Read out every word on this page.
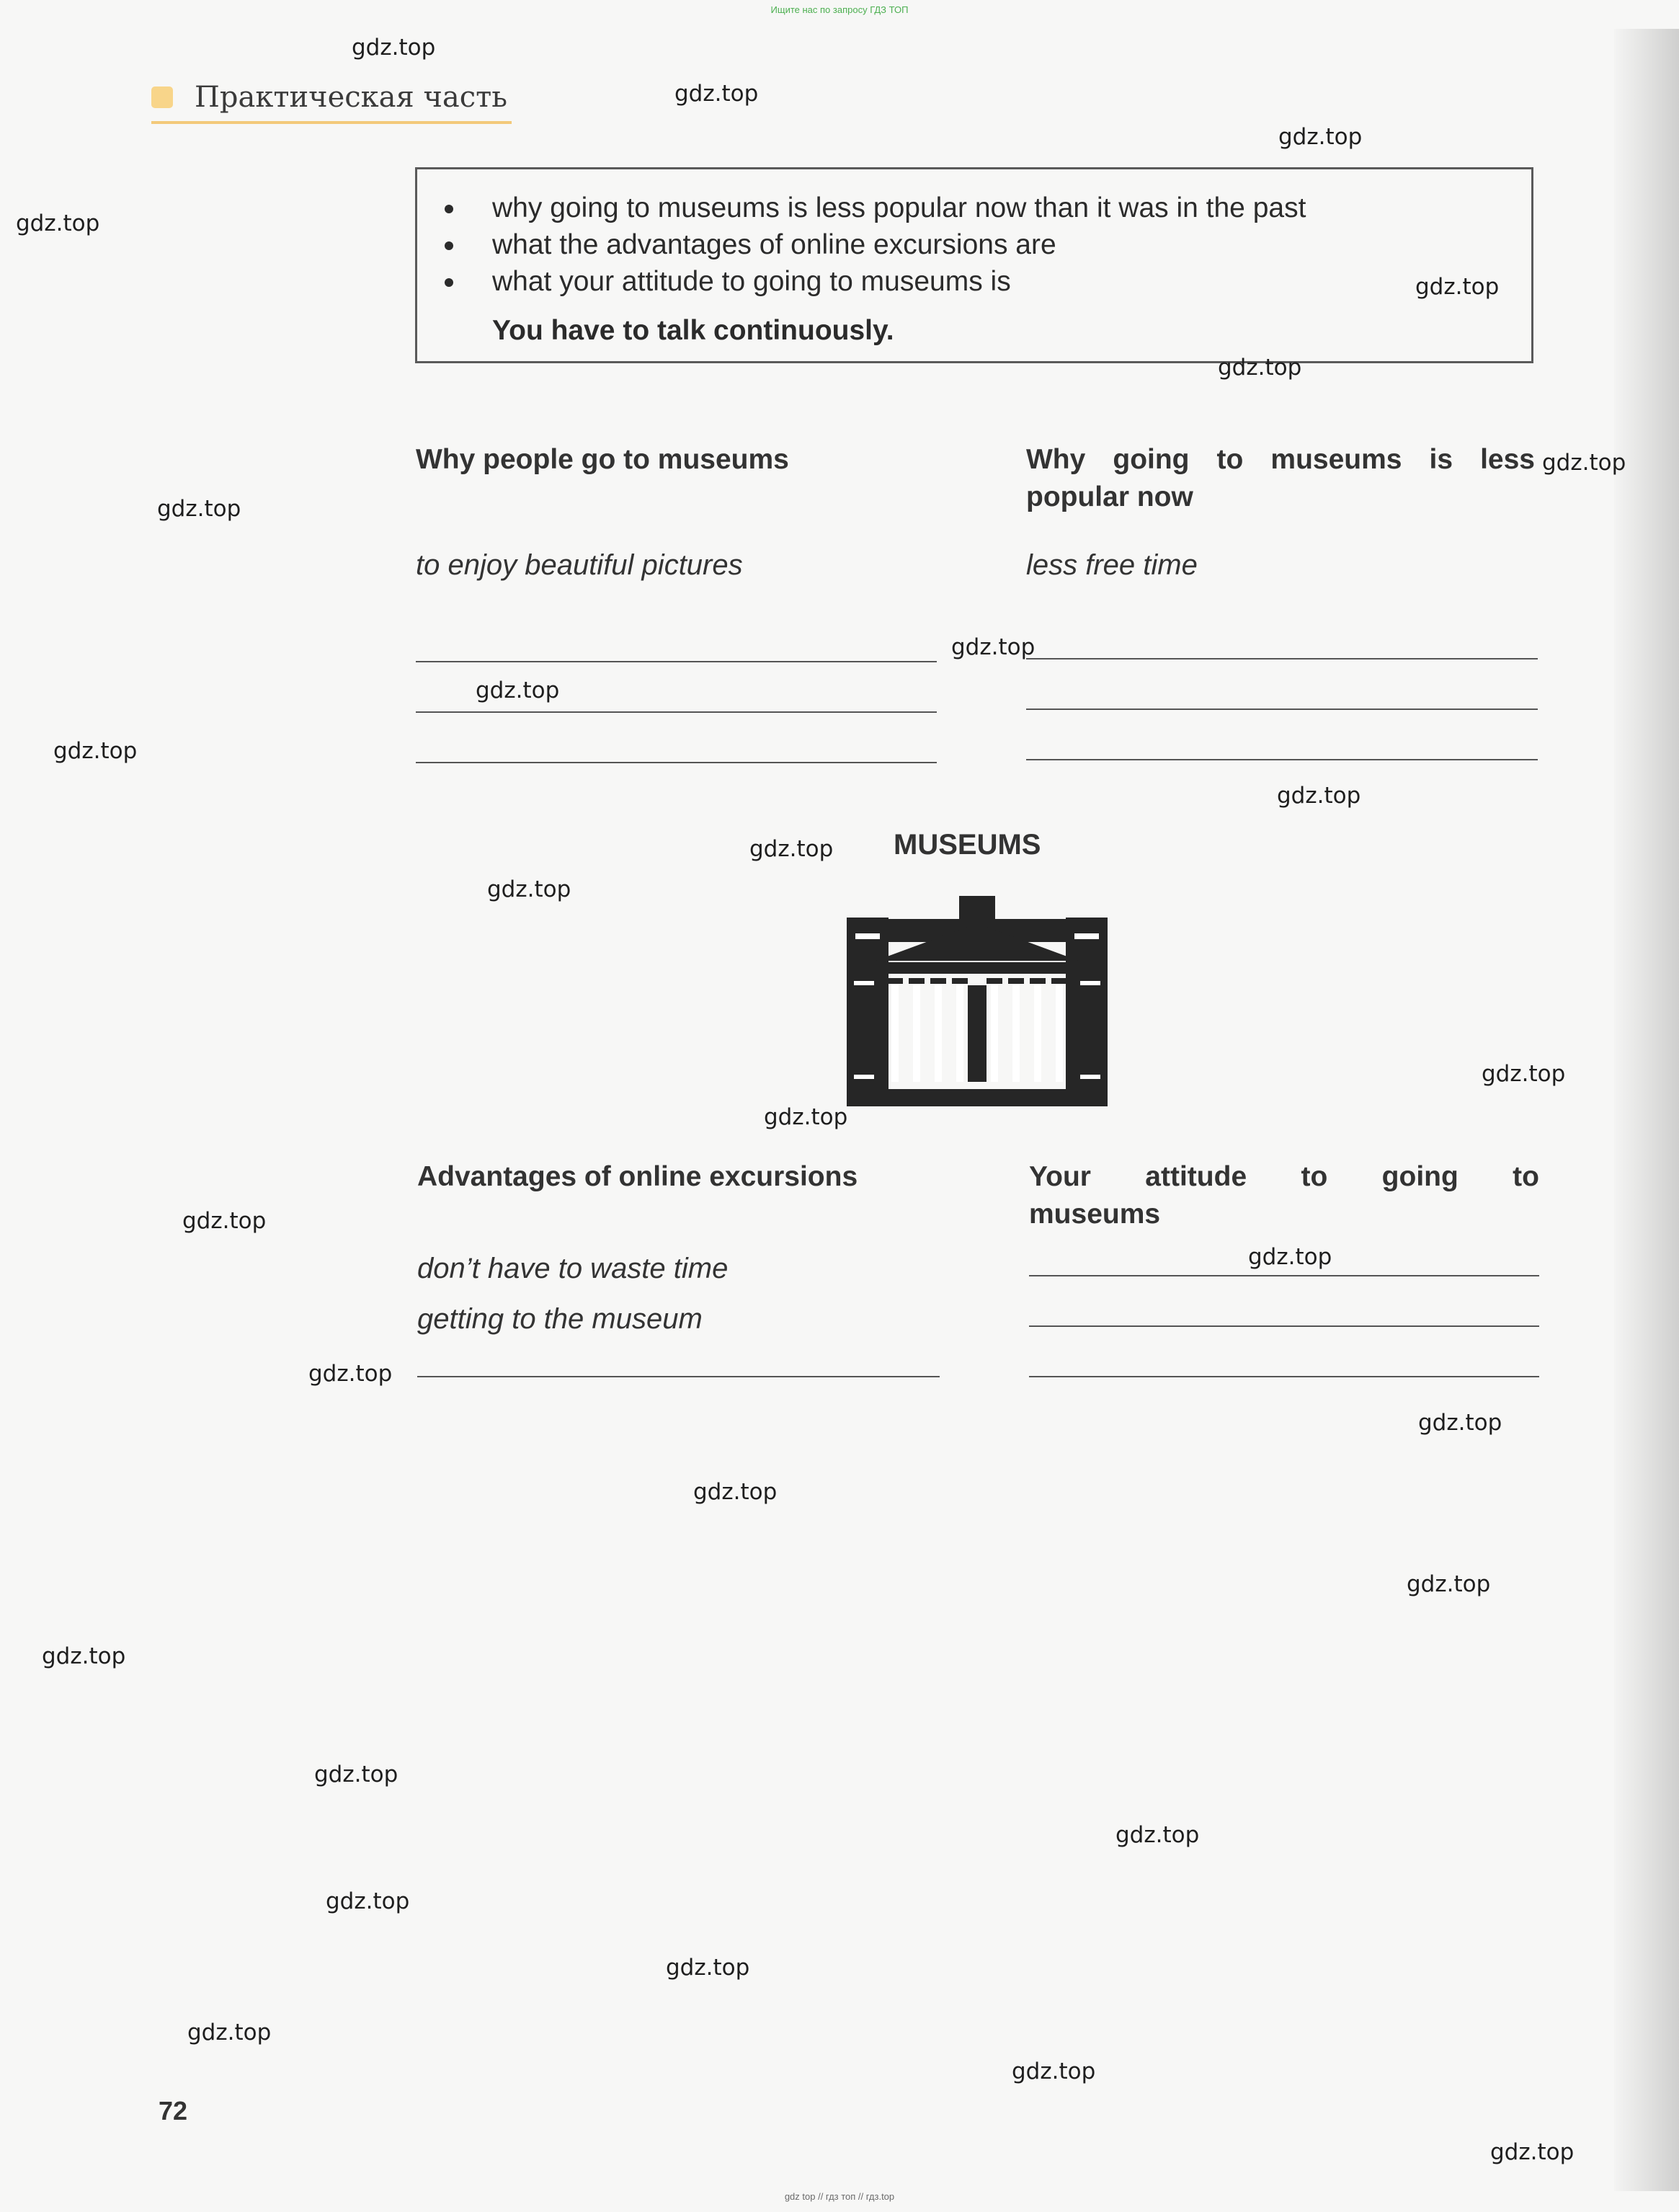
Ищите нас по запросу ГДЗ ТОП
Практическая часть
why going to museums is less popular now than it was in the past
what the advantages of online excursions are
what your attitude to going to museums is
You have to talk continuously.
Why people go to museums
to enjoy beautiful pictures
Why going to museums is less
popular now
less free time
MUSEUMS
Advantages of online excursions
don’t have to waste time
getting to the museum
Your attitude to going to
museums
72
gdz.top
gdz.top
gdz.top
gdz.top
gdz.top
gdz.top
gdz.top
gdz.top
gdz.top
gdz.top
gdz.top
gdz.top
gdz.top
gdz.top
gdz.top
gdz.top
gdz.top
gdz.top
gdz.top
gdz.top
gdz.top
gdz.top
gdz.top
gdz.top
gdz.top
gdz.top
gdz.top
gdz.top
gdz.top
gdz.top
gdz top // гдз топ // гдз.top
